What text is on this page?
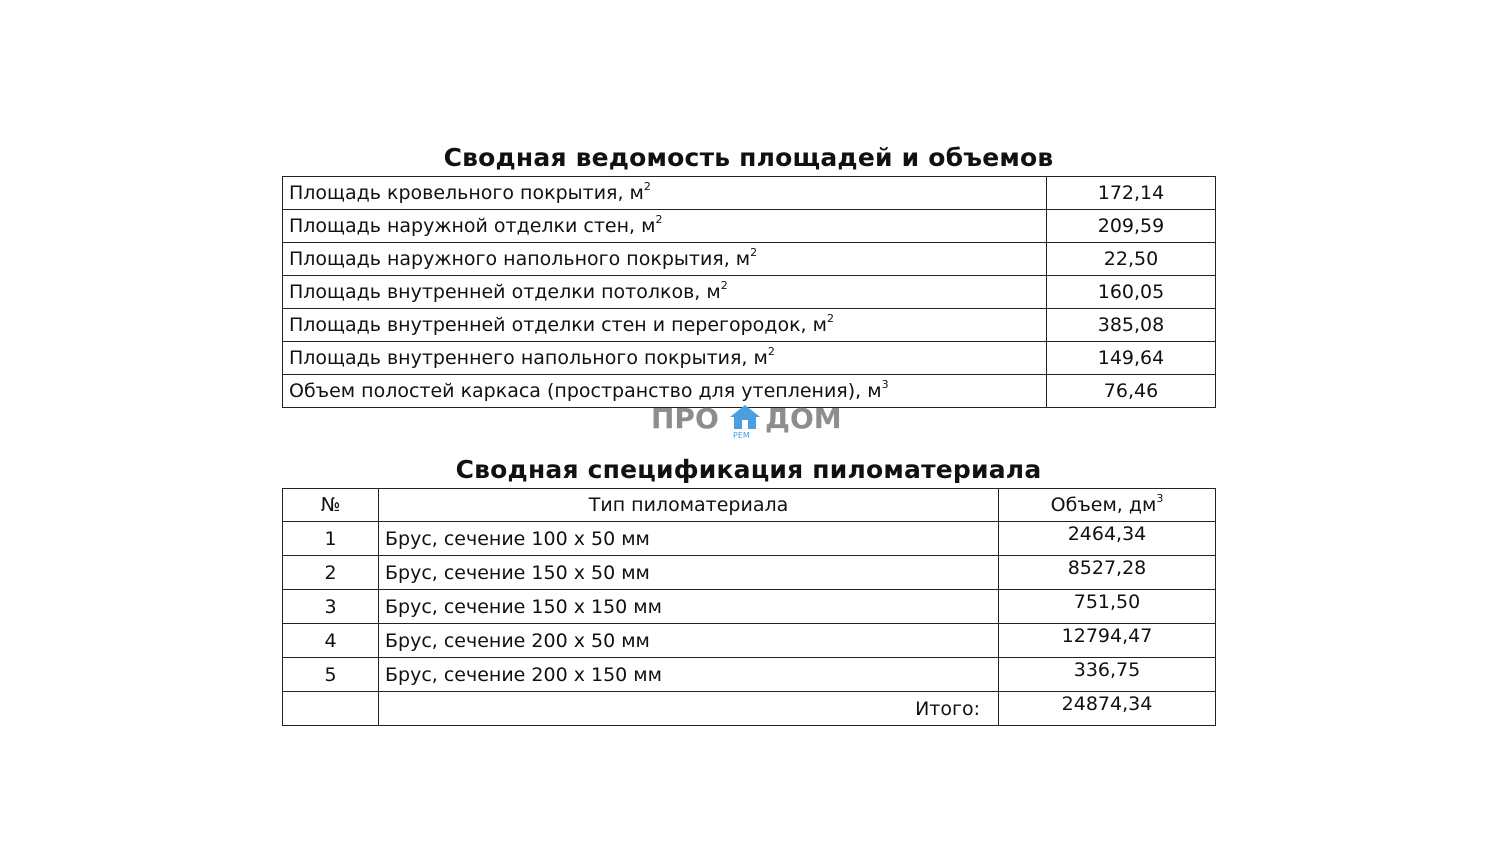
Сводная ведомость площадей и объемов
Площадь кровельного покрытия, $м^2$	172,14
Площадь наружной отделки стен, $м^2$	209,59
Площадь наружного напольного покрытия, $м^2$	22,50
Площадь внутренней отделки потолков, $м^2$	160,05
Площадь внутренней отделки стен и перегородок, $м^2$	385,08
Площадь внутреннего напольного покрытия, $м^2$	149,64
Объем полостей каркаса (пространство для утепления), $м^3$	76,46
ПРО
РЕМ
ДОМ
Сводная спецификация пиломатериала
№	Тип пиломатериала	Объем, $дм^3$
1	Брус, сечение 100 х 50 мм	2464,34
2	Брус, сечение 150 х 50 мм	8527,28
3	Брус, сечение 150 х 150 мм	751,50
4	Брус, сечение 200 х 50 мм	12794,47
5	Брус, сечение 200 х 150 мм	336,75
	Итого:	24874,34
